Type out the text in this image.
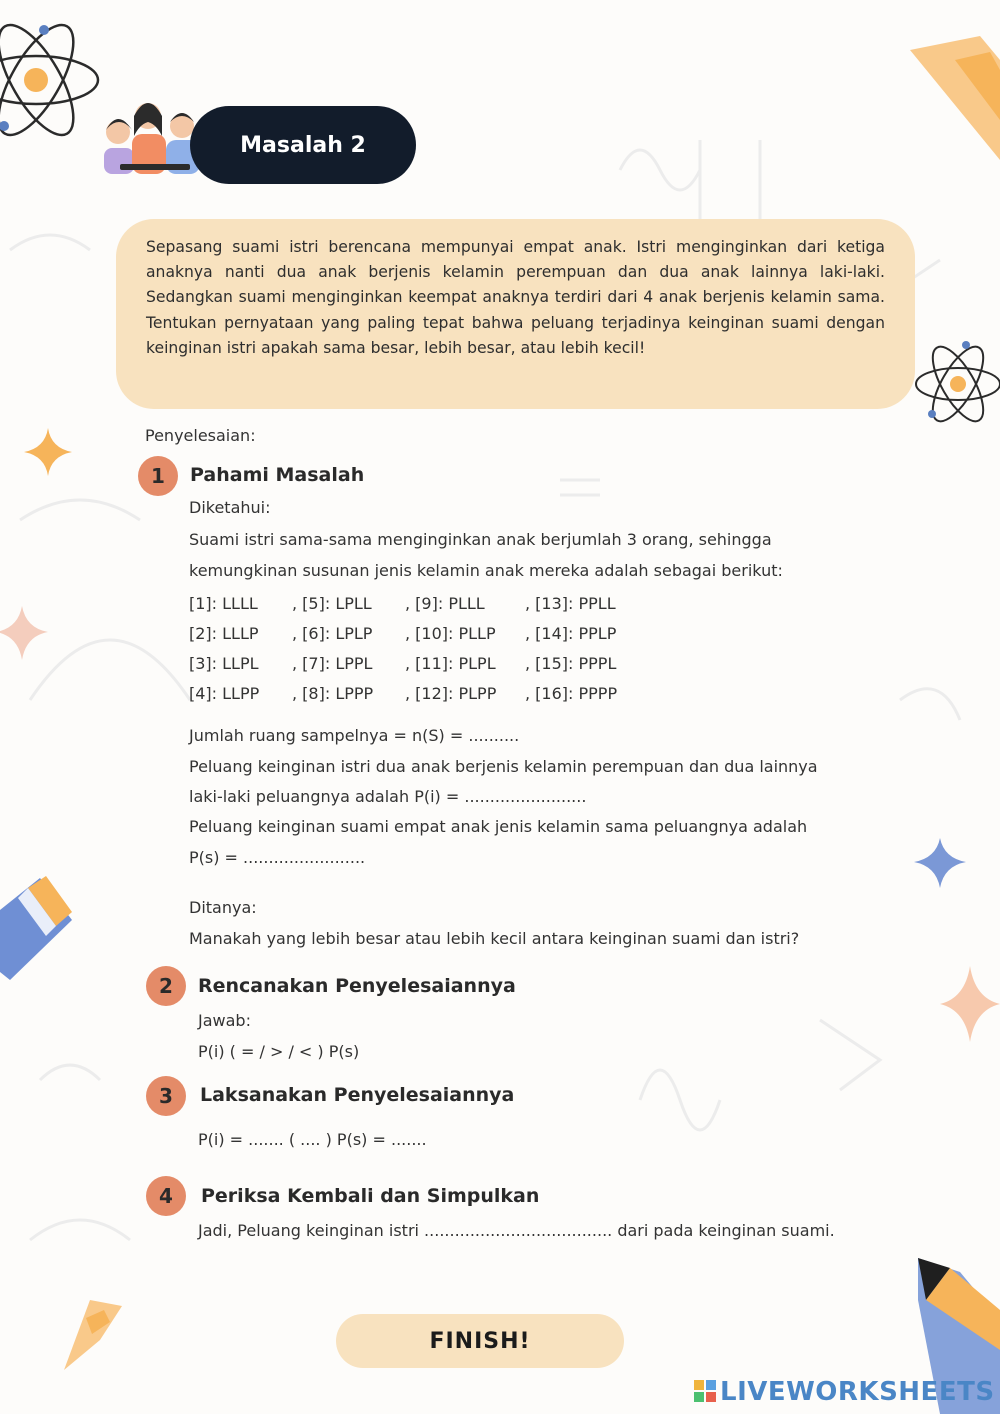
Masalah 2
Sepasang suami istri berencana mempunyai empat anak. Istri menginginkan dari ketiga anaknya nanti dua anak berjenis kelamin perempuan dan dua anak lainnya laki-laki. Sedangkan suami menginginkan keempat anaknya terdiri dari 4 anak berjenis kelamin sama. Tentukan pernyataan yang paling tepat bahwa peluang terjadinya keinginan suami dengan keinginan istri apakah sama besar, lebih besar, atau lebih kecil!
Penyelesaian:
1	Pahami Masalah
Diketahui:
Suami istri sama-sama menginginkan anak berjumlah 3 orang, sehingga
kemungkinan susunan jenis kelamin anak mereka adalah sebagai berikut:
[1]: LLLL , [5]: LPLL , [9]: PLLL	, [13]: PPLL
[2]: LLLP , [6]: LPLP , [10]: PLLP , [14]: PPLP
[3]: LLPL , [7]: LPPL , [11]: PLPL , [15]: PPPL
[4]: LLPP , [8]: LPPP , [12]: PLPP , [16]: PPPP
Jumlah ruang sampelnya = n(S) = ..........
Peluang keinginan istri dua anak berjenis kelamin perempuan dan dua lainnya
laki-laki peluangnya adalah P(i) = ........................
Peluang keinginan suami empat anak jenis kelamin sama peluangnya adalah
P(s) = ........................
Ditanya:
Manakah yang lebih besar atau lebih kecil antara keinginan suami dan istri?
2	Rencanakan Penyelesaiannya
Jawab:
P(i) ( = / > / < ) P(s)
3	Laksanakan Penyelesaiannya
P(i) = ....... ( .... ) P(s) = .......
4	Periksa Kembali dan Simpulkan
Jadi, Peluang keinginan istri ..................................... dari pada keinginan suami.
FINISH!
LIVEWORKSHEETS
